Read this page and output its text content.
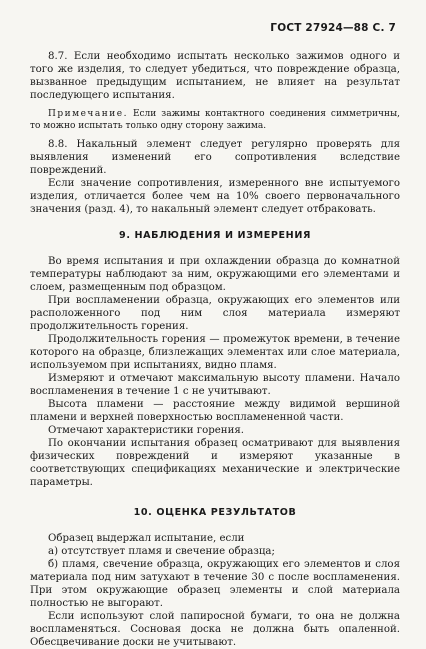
ГОСТ 27924—88 С. 7

8.7. Если необходимо испытать несколько зажимов одного и того же изделия, то следует убедиться, что повреждение образца, вызванное предыдущим испытанием, не влияет на результат последующего испытания.

Примечание. Если зажимы контактного соединения симметричны, то можно испытать только одну сторону зажима.

8.8. Накальный элемент следует регулярно проверять для выявления изменений его сопротивления вследствие повреждений.

Если значение сопротивления, измеренного вне испытуемого изделия, отличается более чем на 10% своего первоначального значения (разд. 4), то накальный элемент следует отбраковать.

9. НАБЛЮДЕНИЯ И ИЗМЕРЕНИЯ

Во время испытания и при охлаждении образца до комнатной температуры наблюдают за ним, окружающими его элементами и слоем, размещенным под образцом.

При воспламенении образца, окружающих его элементов или расположенного под ним слоя материала измеряют продолжительность горения.

Продолжительность горения — промежуток времени, в течение которого на образце, близлежащих элементах или слое материала, используемом при испытаниях, видно пламя.

Измеряют и отмечают максимальную высоту пламени. Начало воспламенения в течение 1 с не учитывают.

Высота пламени — расстояние между видимой вершиной пламени и верхней поверхностью воспламененной части.

Отмечают характеристики горения.

По окончании испытания образец осматривают для выявления физических повреждений и измеряют указанные в соответствующих спецификациях механические и электрические параметры.

10. ОЦЕНКА РЕЗУЛЬТАТОВ

Образец выдержал испытание, если

а) отсутствует пламя и свечение образца;

б) пламя, свечение образца, окружающих его элементов и слоя материала под ним затухают в течение 30 с после воспламенения. При этом окружающие образец элементы и слой материала полностью не выгорают.

Если используют слой папиросной бумаги, то она не должна воспламеняться. Сосновая доска не должна быть опаленной. Обесцвечивание доски не учитывают.
